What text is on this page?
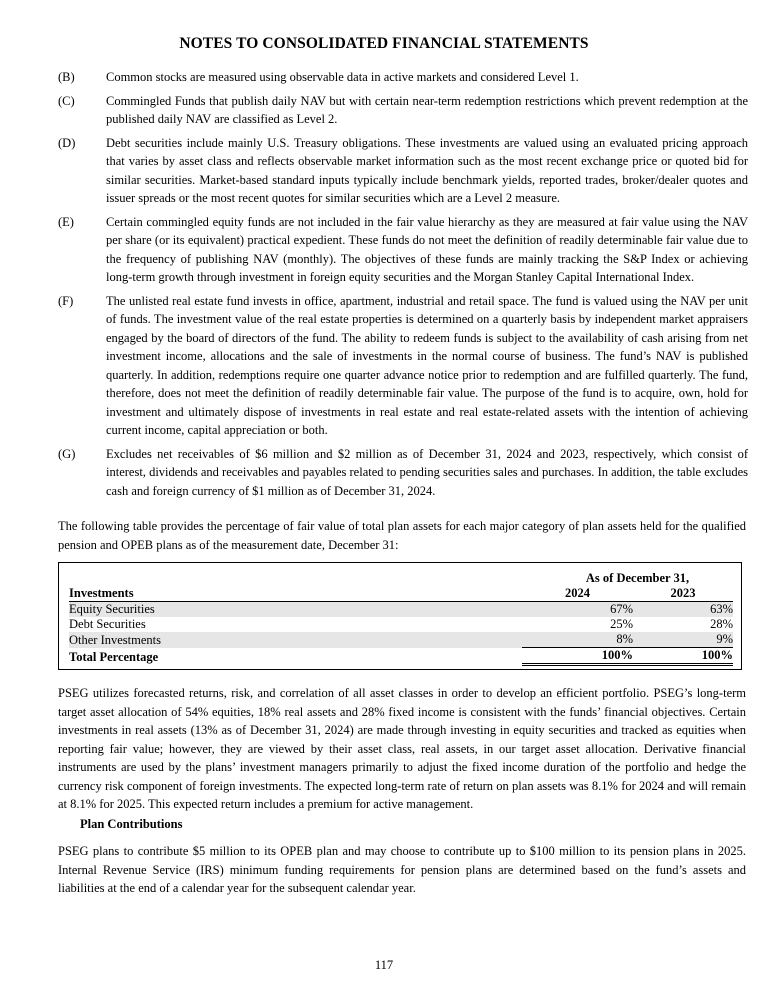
NOTES TO CONSOLIDATED FINANCIAL STATEMENTS
(B)	Common stocks are measured using observable data in active markets and considered Level 1.
(C)	Commingled Funds that publish daily NAV but with certain near-term redemption restrictions which prevent redemption at the published daily NAV are classified as Level 2.
(D)	Debt securities include mainly U.S. Treasury obligations. These investments are valued using an evaluated pricing approach that varies by asset class and reflects observable market information such as the most recent exchange price or quoted bid for similar securities. Market-based standard inputs typically include benchmark yields, reported trades, broker/dealer quotes and issuer spreads or the most recent quotes for similar securities which are a Level 2 measure.
(E)	Certain commingled equity funds are not included in the fair value hierarchy as they are measured at fair value using the NAV per share (or its equivalent) practical expedient. These funds do not meet the definition of readily determinable fair value due to the frequency of publishing NAV (monthly). The objectives of these funds are mainly tracking the S&P Index or achieving long-term growth through investment in foreign equity securities and the Morgan Stanley Capital International Index.
(F)	The unlisted real estate fund invests in office, apartment, industrial and retail space. The fund is valued using the NAV per unit of funds. The investment value of the real estate properties is determined on a quarterly basis by independent market appraisers engaged by the board of directors of the fund. The ability to redeem funds is subject to the availability of cash arising from net investment income, allocations and the sale of investments in the normal course of business. The fund’s NAV is published quarterly. In addition, redemptions require one quarter advance notice prior to redemption and are fulfilled quarterly. The fund, therefore, does not meet the definition of readily determinable fair value. The purpose of the fund is to acquire, own, hold for investment and ultimately dispose of investments in real estate and real estate-related assets with the intention of achieving current income, capital appreciation or both.
(G)	Excludes net receivables of $6 million and $2 million as of December 31, 2024 and 2023, respectively, which consist of interest, dividends and receivables and payables related to pending securities sales and purchases. In addition, the table excludes cash and foreign currency of $1 million as of December 31, 2024.
The following table provides the percentage of fair value of total plan assets for each major category of plan assets held for the qualified pension and OPEB plans as of the measurement date, December 31:
	As of December 31,	
Investments	2024	2023
Equity Securities	67%	63%
Debt Securities	25%	28%
Other Investments	8%	9%
Total Percentage	100%	100%
PSEG utilizes forecasted returns, risk, and correlation of all asset classes in order to develop an efficient portfolio. PSEG’s long-term target asset allocation of 54% equities, 18% real assets and 28% fixed income is consistent with the funds’ financial objectives. Certain investments in real assets (13% as of December 31, 2024) are made through investing in equity securities and tracked as equities when reporting fair value; however, they are viewed by their asset class, real assets, in our target asset allocation. Derivative financial instruments are used by the plans’ investment managers primarily to adjust the fixed income duration of the portfolio and hedge the currency risk component of foreign investments. The expected long-term rate of return on plan assets was 8.1% for 2024 and will remain at 8.1% for 2025. This expected return includes a premium for active management.
Plan Contributions
PSEG plans to contribute $5 million to its OPEB plan and may choose to contribute up to $100 million to its pension plans in 2025. Internal Revenue Service (IRS) minimum funding requirements for pension plans are determined based on the fund’s assets and liabilities at the end of a calendar year for the subsequent calendar year.
117
